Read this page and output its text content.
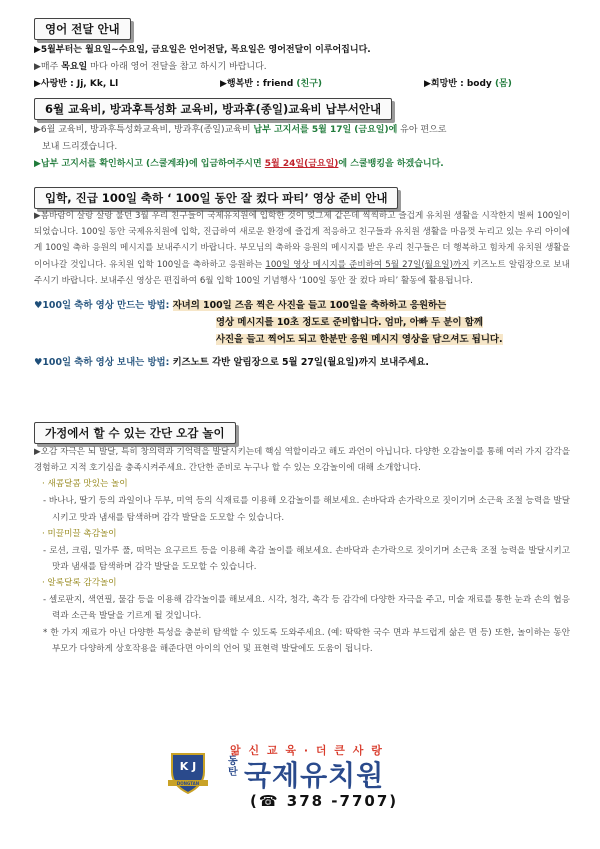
영어 전달 안내
▶5월부터는 월요일~수요일, 금요일은 언어전달, 목요일은 영어전달이 이루어집니다.
▶매주 목요일 마다 아래 영어 전달을 참고 하시기 바랍니다.
▶사랑반 : Jj, Kk, Ll	▶행복반 : friend (친구)	▶희망반 : body (몸)
6월 교육비, 방과후특성화 교육비, 방과후(종일)교육비 납부서안내
▶6월 교육비, 방과후특성화교육비, 방과후(종일)교육비 납부 고지서를 5월 17일 (금요일)에 유아 편으로
보내 드리겠습니다.
▶납부 고지서를 확인하시고 (스쿨계좌)에 입금하여주시면 5월 24일(금요일)에 스쿨뱅킹을 하겠습니다.
입학, 진급 100일 축하 ‘ 100일 동안 잘 컸다 파티’ 영상 준비 안내
▶봄바람이 살랑 살랑 불던 3월 우리 친구들이 국제유치원에 입학한 것이 엊그제 같은데 씩씩하고 즐겁게 유치원 생활을 시작한지 벌써 100일이 되었습니다. 100일 동안 국제유치원에 입학, 진급하여 새로운 환경에 즐겁게 적응하고 친구들과 유치원 생활을 마음껏 누리고 있는 우리 아이에게 100일 축하 응원의 메시지를 보내주시기 바랍니다. 부모님의 축하와 응원의 메시지를 받은 우리 친구들은 더 행복하고 힘차게 유치원 생활을 이어나갈 것입니다. 유치원 입학 100일을 축하하고 응원하는 100일 영상 메시지를 준비하여 5월 27일(월요일)까지 키즈노트 알림장으로 보내주시기 바랍니다. 보내주신 영상은 편집하여 6월 입학 100일 기념행사 ‘100일 동안 잘 컸다 파티’ 활동에 활용됩니다.
♥100일 축하 영상 만드는 방법: 자녀의 100일 즈음 찍은 사진을 들고 100일을 축하하고 응원하는
영상 메시지를 10초 정도로 준비합니다. 엄마, 아빠 두 분이 함께
사진을 들고 찍어도 되고 한분만 응원 메시지 영상을 담으셔도 됩니다.
♥100일 축하 영상 보내는 방법: 키즈노트 각반 알림장으로 5월 27일(월요일)까지 보내주세요.
가정에서 할 수 있는 간단 오감 놀이
▶오감 자극은 뇌 발달, 특히 창의력과 기억력을 발달시키는데 핵심 역할이라고 해도 과언이 아닙니다. 다양한 오감놀이를 통해 여러 가지 감각을 경험하고 지적 호기심을 충족시켜주세요. 간단한 준비로 누구나 할 수 있는 오감놀이에 대해 소개합니다.
· 새콤달콤 맛있는 놀이
- 바나나, 딸기 등의 과일이나 두부, 미역 등의 식재료를 이용해 오감놀이를 해보세요. 손바닥과 손가락으로 짓이기며 소근육 조절 능력을 발달시키고 맛과 냄새를 탐색하며 감각 발달을 도모할 수 있습니다.
· 미끌미끌 촉감놀이
- 로션, 크림, 밀가루 풀, 떠먹는 요구르트 등을 이용해 촉감 놀이를 해보세요. 손바닥과 손가락으로 짓이기며 소근육 조절 능력을 발달시키고 맛과 냄새를 탐색하며 감각 발달을 도모할 수 있습니다.
· 알록달록 감각놀이
- 셀로판지, 색연필, 물감 등을 이용해 감각놀이를 해보세요. 시각, 청각, 촉각 등 감각에 다양한 자극을 주고, 미술 재료를 통한 눈과 손의 협응력과 소근육 발달을 기르게 될 것입니다.
* 한 가지 재료가 아닌 다양한 특성을 충분히 탐색할 수 있도록 도와주세요. (예: 딱딱한 국수 면과 부드럽게 삶은 면 등) 또한, 놀이하는 동안 부모가 다양하게 상호작용을 해준다면 아이의 언어 및 표현력 발달에도 도움이 됩니다.
K J
DONGTAN
앎 신 교 육 · 더 큰 사 랑
동탄 국제유치원
(☎ 378 -7707)
